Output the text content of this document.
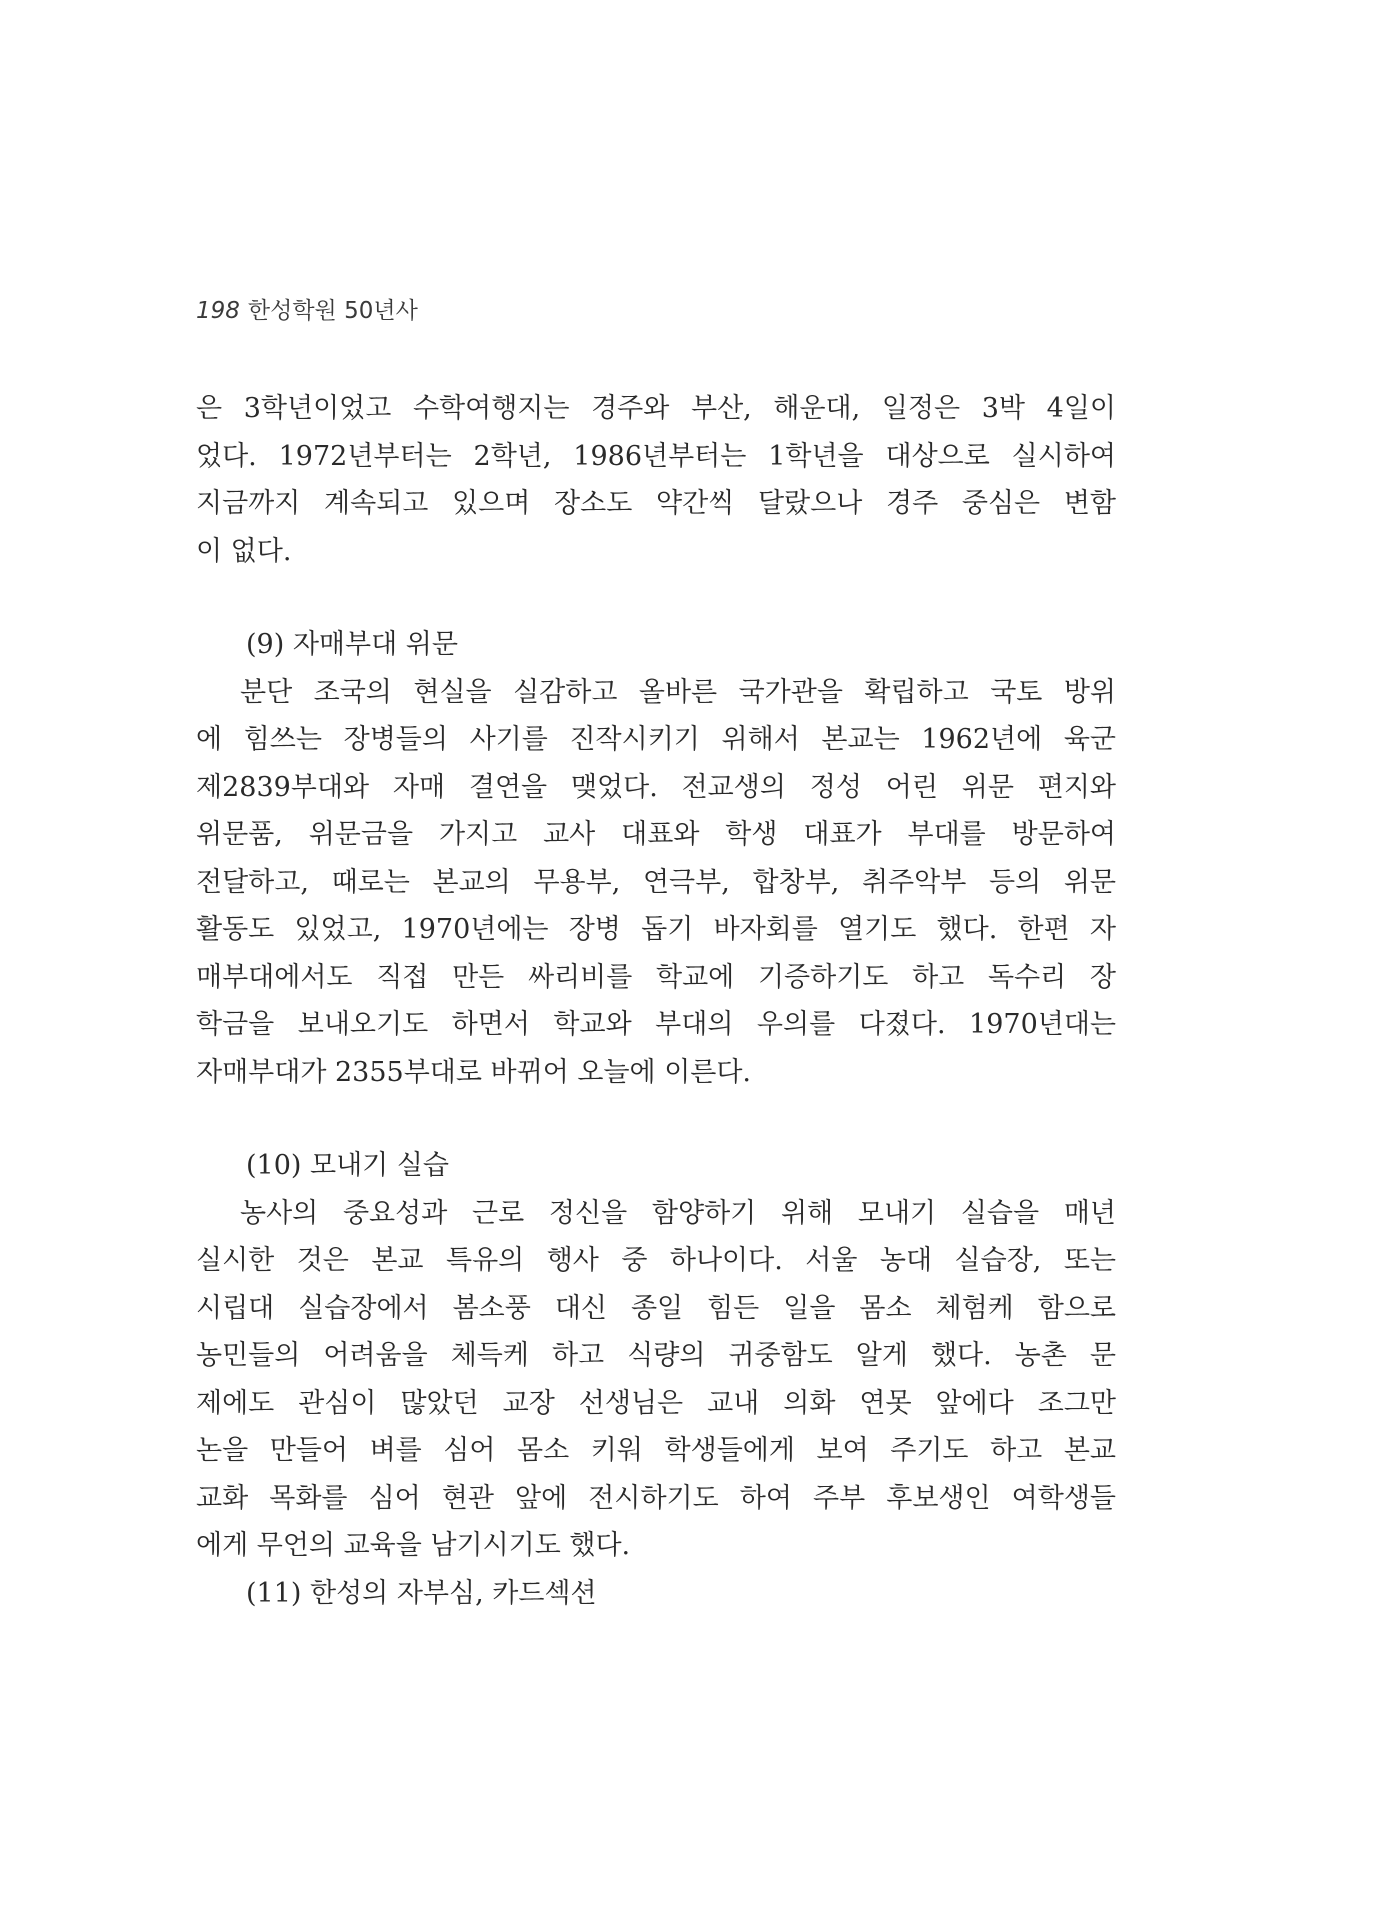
198 한성학원 50년사
은 3학년이었고 수학여행지는 경주와 부산, 해운대, 일정은 3박 4일이
었다. 1972년부터는 2학년, 1986년부터는 1학년을 대상으로 실시하여
지금까지 계속되고 있으며 장소도 약간씩 달랐으나 경주 중심은 변함
이 없다.
(9) 자매부대 위문
분단 조국의 현실을 실감하고 올바른 국가관을 확립하고 국토 방위
에 힘쓰는 장병들의 사기를 진작시키기 위해서 본교는 1962년에 육군
제2839부대와 자매 결연을 맺었다. 전교생의 정성 어린 위문 편지와
위문품, 위문금을 가지고 교사 대표와 학생 대표가 부대를 방문하여
전달하고, 때로는 본교의 무용부, 연극부, 합창부, 취주악부 등의 위문
활동도 있었고, 1970년에는 장병 돕기 바자회를 열기도 했다. 한편 자
매부대에서도 직접 만든 싸리비를 학교에 기증하기도 하고 독수리 장
학금을 보내오기도 하면서 학교와 부대의 우의를 다졌다. 1970년대는
자매부대가 2355부대로 바뀌어 오늘에 이른다.
(10) 모내기 실습
농사의 중요성과 근로 정신을 함양하기 위해 모내기 실습을 매년
실시한 것은 본교 특유의 행사 중 하나이다. 서울 농대 실습장, 또는
시립대 실습장에서 봄소풍 대신 종일 힘든 일을 몸소 체험케 함으로
농민들의 어려움을 체득케 하고 식량의 귀중함도 알게 했다. 농촌 문
제에도 관심이 많았던 교장 선생님은 교내 의화 연못 앞에다 조그만
논을 만들어 벼를 심어 몸소 키워 학생들에게 보여 주기도 하고 본교
교화 목화를 심어 현관 앞에 전시하기도 하여 주부 후보생인 여학생들
에게 무언의 교육을 남기시기도 했다.
(11) 한성의 자부심, 카드섹션
